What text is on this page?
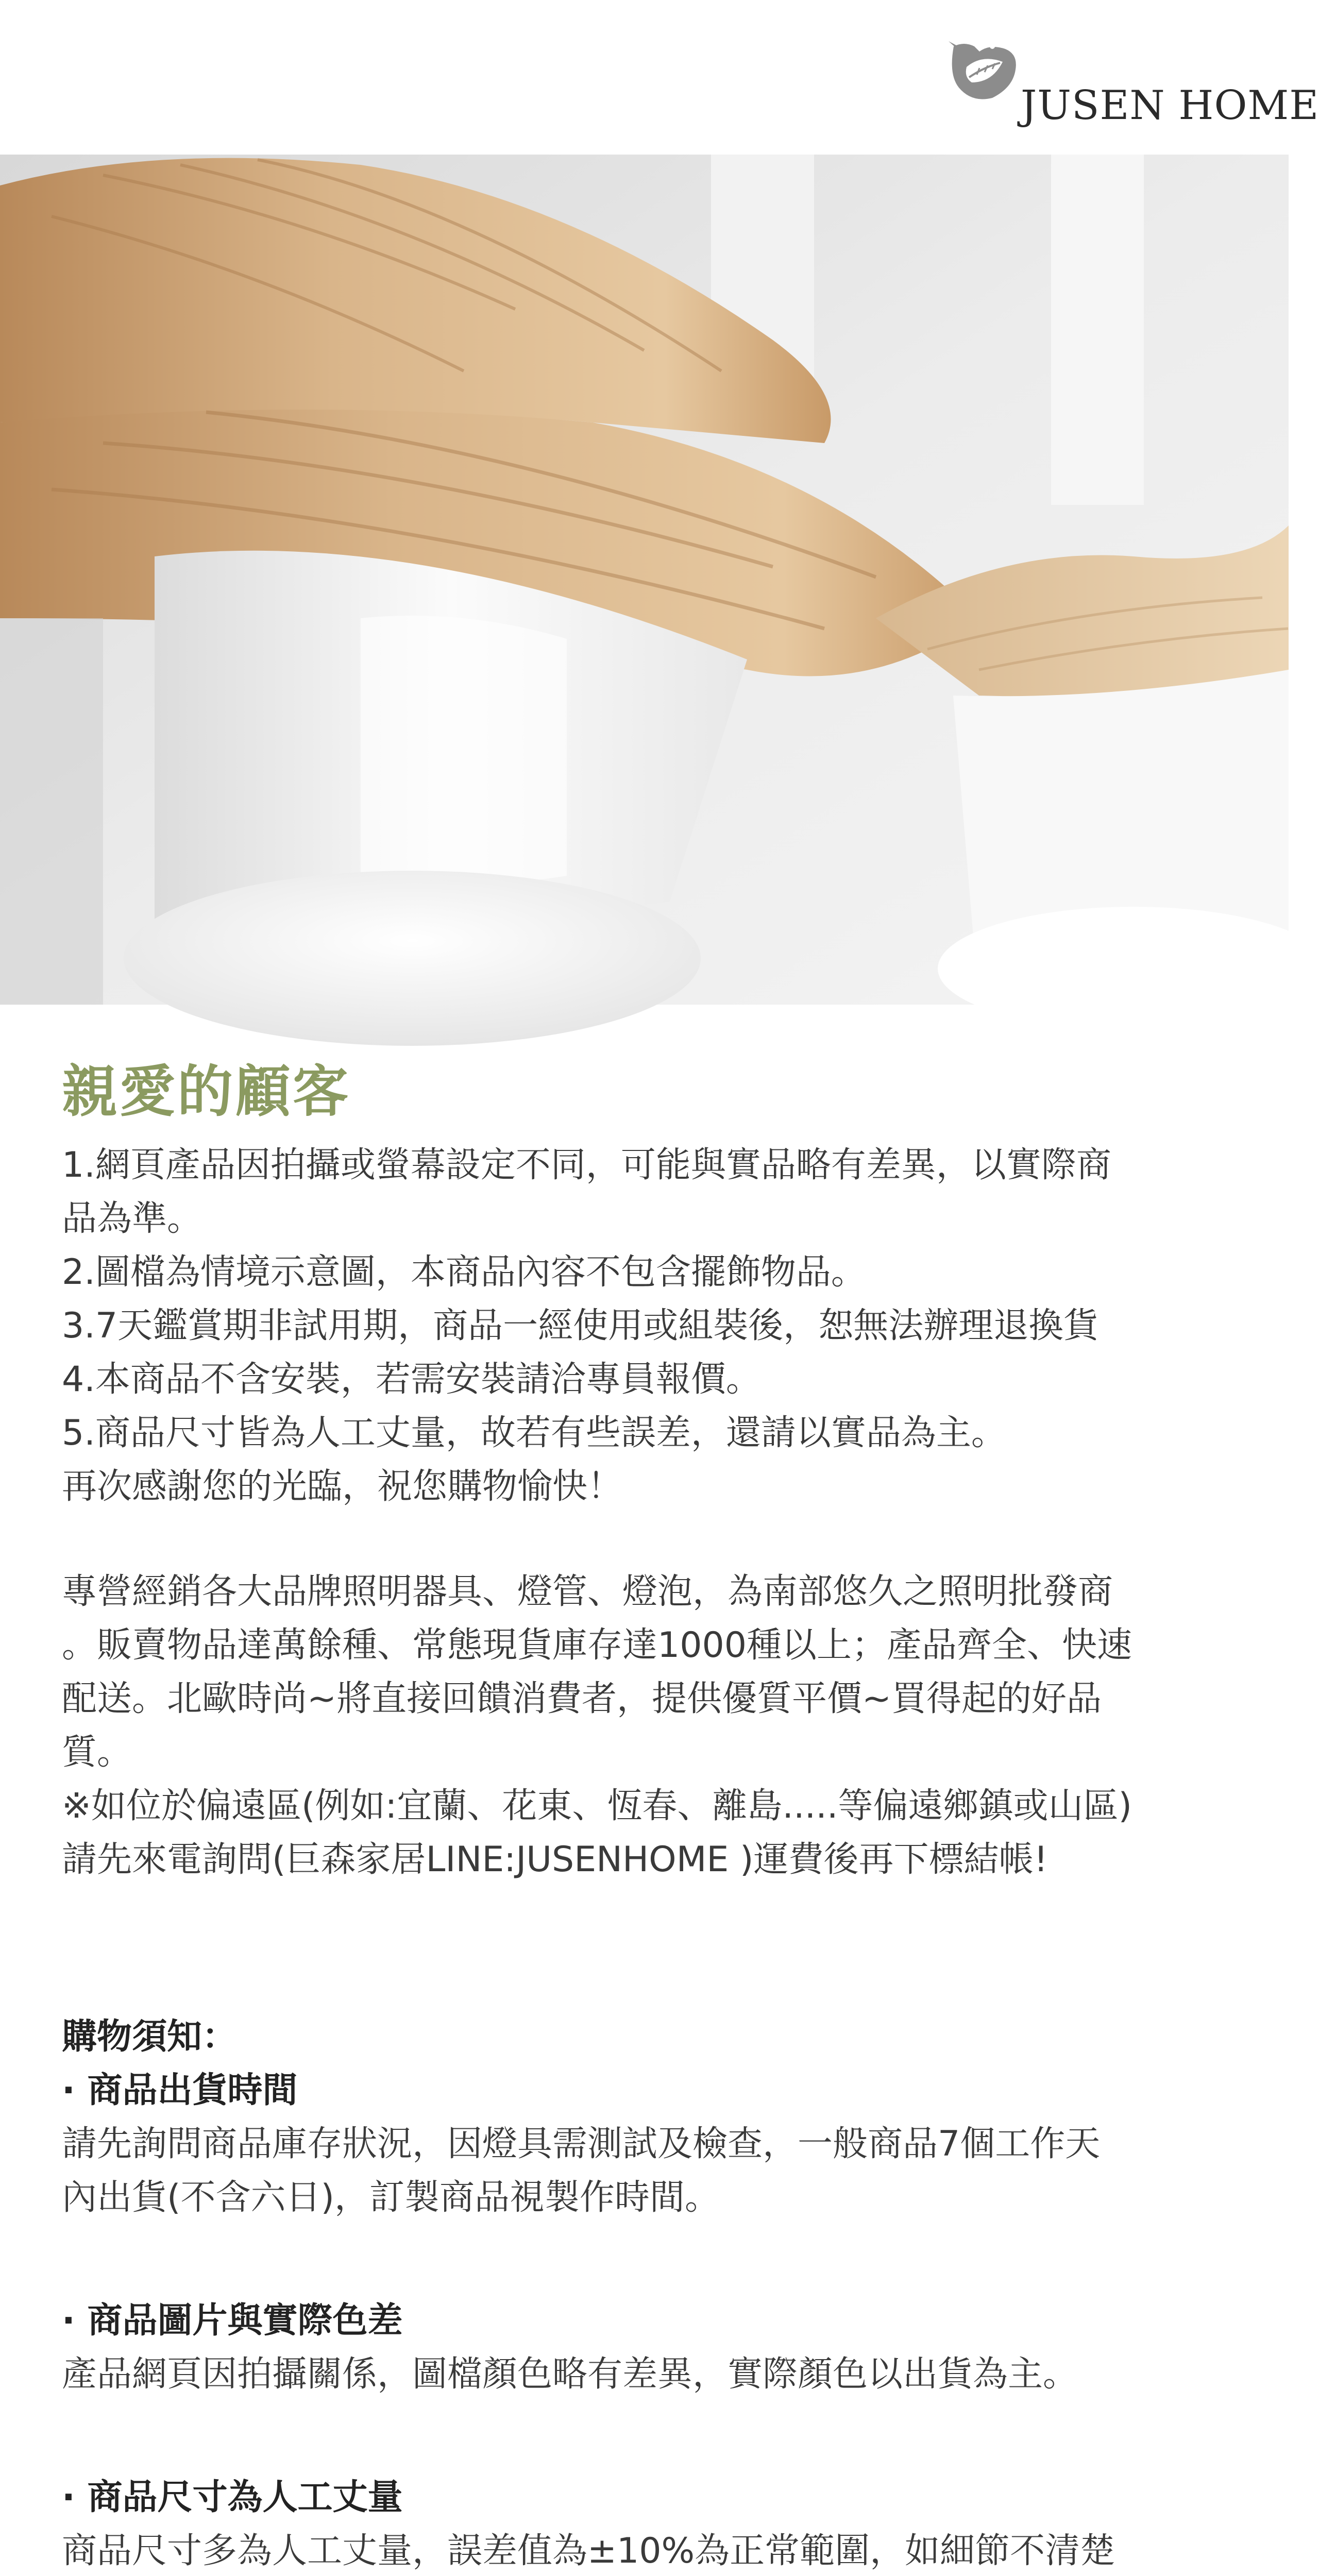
JUSEN HOME
親愛的顧客

1.網頁產品因拍攝或螢幕設定不同，可能與實品略有差異，以實際商

品為準。

2.圖檔為情境示意圖，本商品內容不包含擺飾物品。

3.7天鑑賞期非試用期，商品一經使用或組裝後，恕無法辦理退換貨

4.本商品不含安裝，若需安裝請洽專員報價。

5.商品尺寸皆為人工丈量，故若有些誤差，還請以實品為主。

再次感謝您的光臨，祝您購物愉快！

專營經銷各大品牌照明器具、燈管、燈泡，為南部悠久之照明批發商

。販賣物品達萬餘種、常態現貨庫存達1000種以上；產品齊全、快速

配送。北歐時尚~將直接回饋消費者，提供優質平價~買得起的好品

質。

※如位於偏遠區(例如:宜蘭、花東、恆春、離島.....等偏遠鄉鎮或山區)

請先來電詢問(巨森家居LINE:JUSENHOME )運費後再下標結帳!

購物須知：

· 商品出貨時間

請先詢問商品庫存狀況，因燈具需測試及檢查，一般商品7個工作天

內出貨(不含六日)，訂製商品視製作時間。

· 商品圖片與實際色差

產品網頁因拍攝關係，圖檔顏色略有差異，實際顏色以出貨為主。

· 商品尺寸為人工丈量

商品尺寸多為人工丈量，誤差值為±10%為正常範圍，如細節不清楚
